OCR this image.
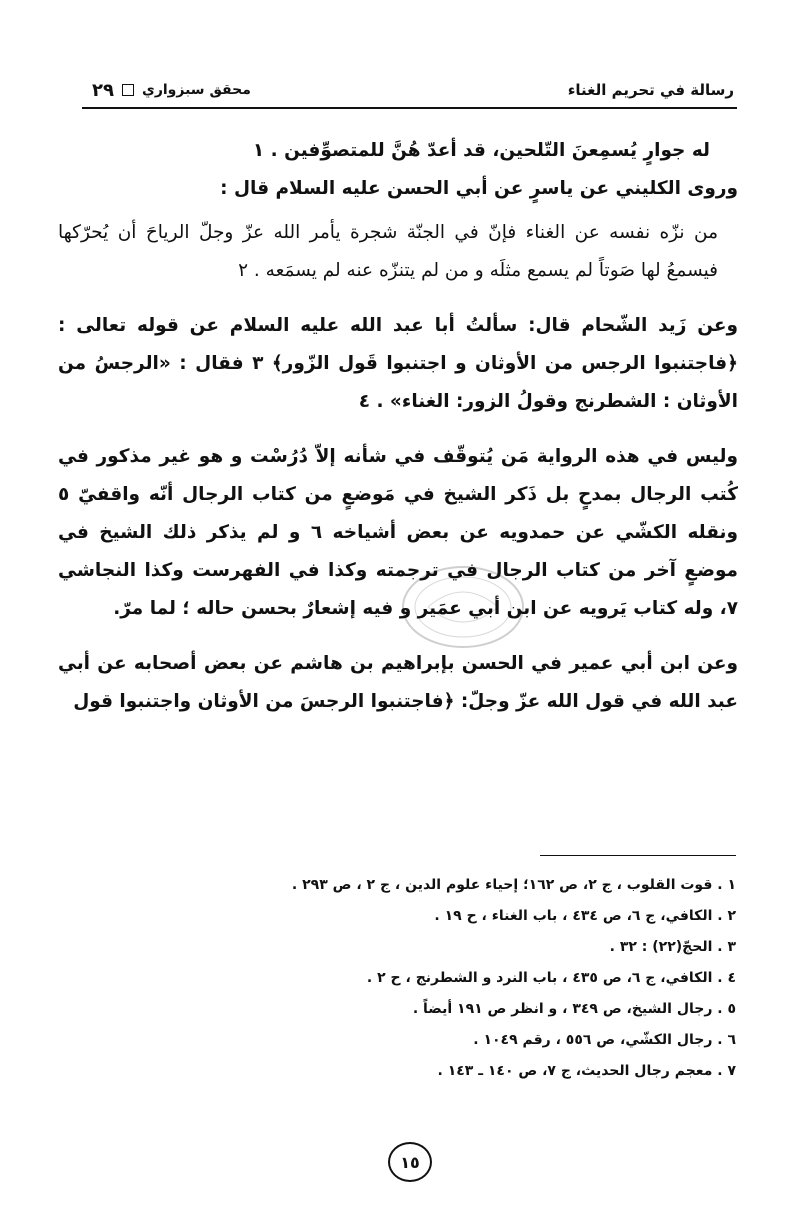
رسالة في تحريم الغناء
محقق سبزواري
٢٩

له جوارٍ يُسمِعنَ التّلحين، قد أعدّ هُنَّ للمتصوِّفين . ١

وروى الكليني عن ياسرٍ عن أبي الحسن عليه السلام قال :

من نزّه نفسه عن الغناء فإنّ في الجنّة شجرة يأمر الله عزّ وجلّ الرياحَ أن يُحرّكها فيسمعُ لها صَوتاً لم يسمع مثلَه و من لم يتنزّه عنه لم يسمَعه . ٢

وعن زَيد الشّحام قال: سألتُ أبا عبد الله عليه السلام عن قوله تعالى : ﴿فاجتنبوا الرجس من الأوثان و اجتنبوا قَول الزّور﴾ ٣ فقال : «الرجسُ من الأوثان : الشطرنج وقولُ الزور: الغناء» . ٤

وليس في هذه الرواية مَن يُتوقّف في شأنه إلاّ دُرُسْت و هو غير مذكور في كُتب الرجال بمدحٍ بل ذَكر الشيخ في مَوضعٍ من كتاب الرجال أنّه واقفيّ ٥ ونقله الكشّي عن حمدويه عن بعض أشياخه ٦ و لم يذكر ذلك الشيخ في موضعٍ آخر من كتاب الرجال في ترجمته وكذا في الفهرست وكذا النجاشي ٧، وله كتاب يَرويه عن ابن أبي عمَير و فيه إشعارٌ بحسن حاله ؛ لما مرّ.

وعن ابن أبي عمير في الحسن بإبراهيم بن هاشم عن بعض أصحابه عن أبي عبد الله في قول الله عزّ وجلّ: ﴿فاجتنبوا الرجسَ من الأوثان واجتنبوا قول

١ . قوت القلوب ، ج ٢، ص ١٦٢؛ إحياء علوم الدين ، ج ٢ ، ص ٢٩٣ .

٢ . الكافي، ج ٦، ص ٤٣٤ ، باب الغناء ، ح ١٩ .

٣ . الحجّ(٢٢) : ٣٢ .

٤ . الكافي، ج ٦، ص ٤٣٥ ، باب النرد و الشطرنج ، ح ٢ .

٥ . رجال الشيخ، ص ٣٤٩ ، و انظر ص ١٩١ أيضاً .

٦ . رجال الكشّي، ص ٥٥٦ ، رقم ١٠٤٩ .

٧ . معجم رجال الحديث، ج ٧، ص ١٤٠ ـ ١٤٣ .

١٥
